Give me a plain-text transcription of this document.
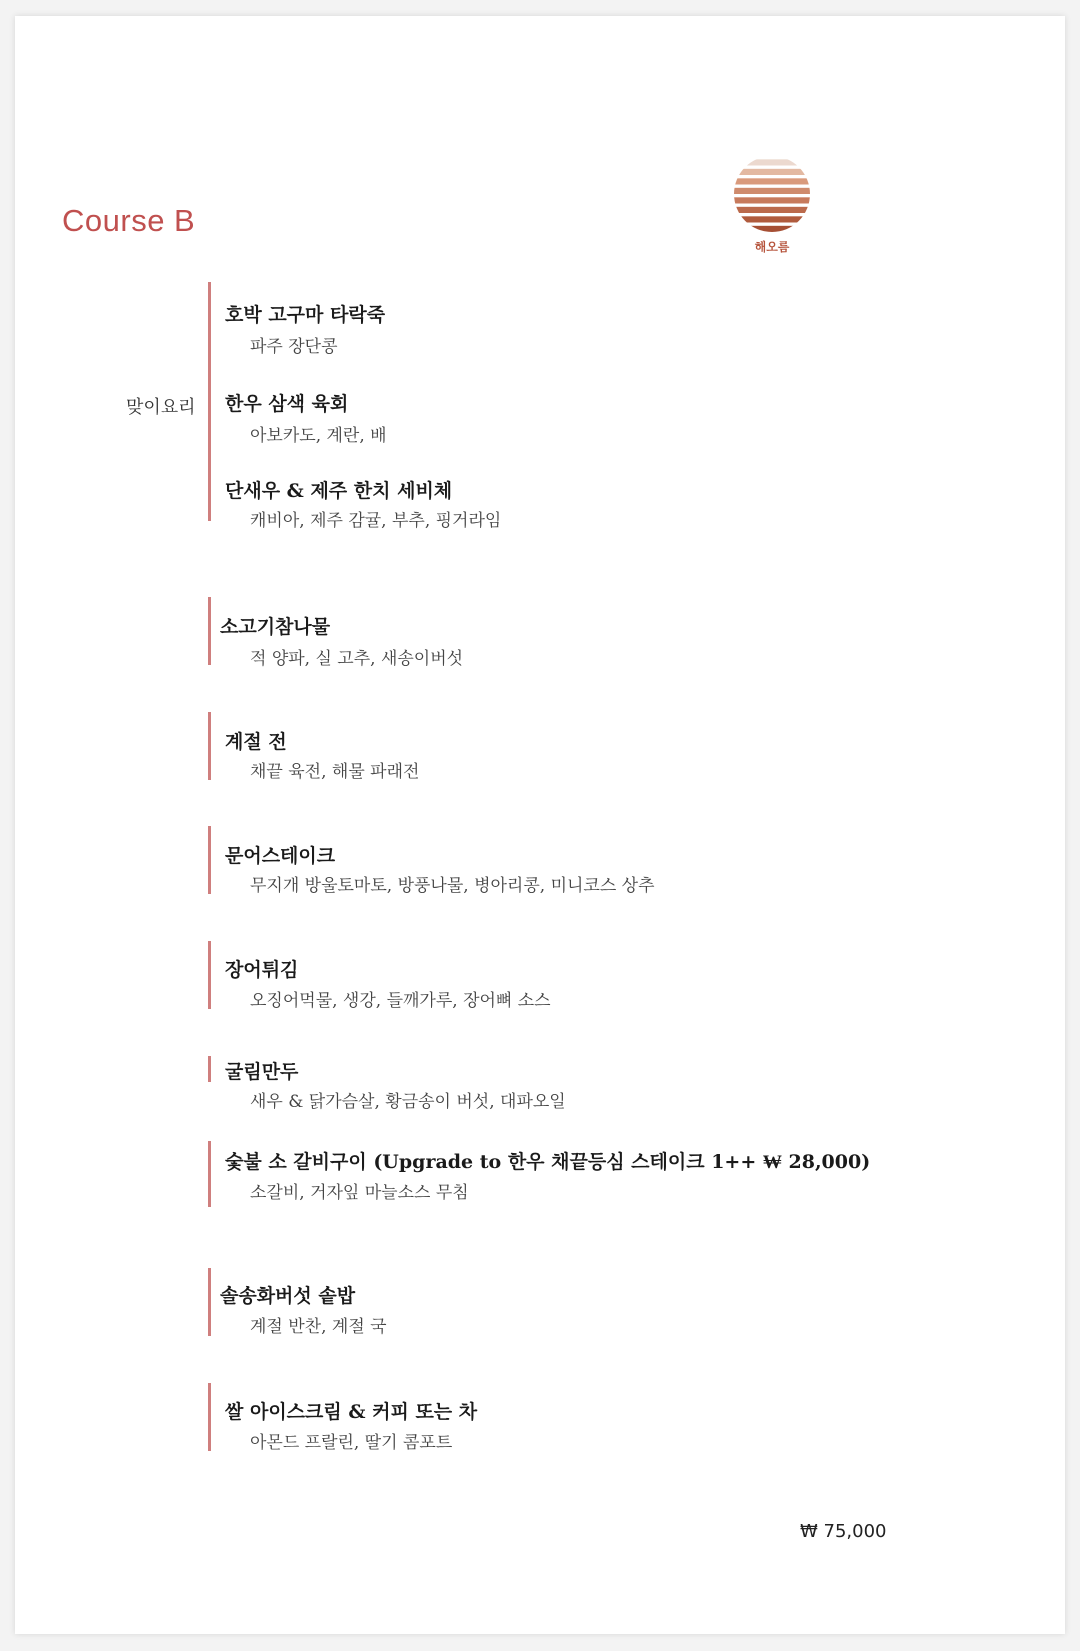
Course B
해오름
맞이요리
호박 고구마 타락죽
파주 장단콩
한우 삼색 육회
아보카도, 계란, 배
단새우 & 제주 한치 세비체
캐비아, 제주 감귤, 부추, 핑거라임
소고기참나물
적 양파, 실 고추, 새송이버섯
계절 전
채끝 육전, 해물 파래전
문어스테이크
무지개 방울토마토, 방풍나물, 병아리콩, 미니코스 상추
장어튀김
오징어먹물, 생강, 들깨가루, 장어뼈 소스
굴림만두
새우 & 닭가슴살, 황금송이 버섯, 대파오일
숯불 소 갈비구이 (Upgrade to 한우 채끝등심 스테이크 1++ ₩ 28,000)
소갈비, 거자잎 마늘소스 무침
솔송화버섯 솥밥
계절 반찬, 계절 국
쌀 아이스크림 & 커피 또는 차
아몬드 프랄린, 딸기 콤포트
₩ 75,000
